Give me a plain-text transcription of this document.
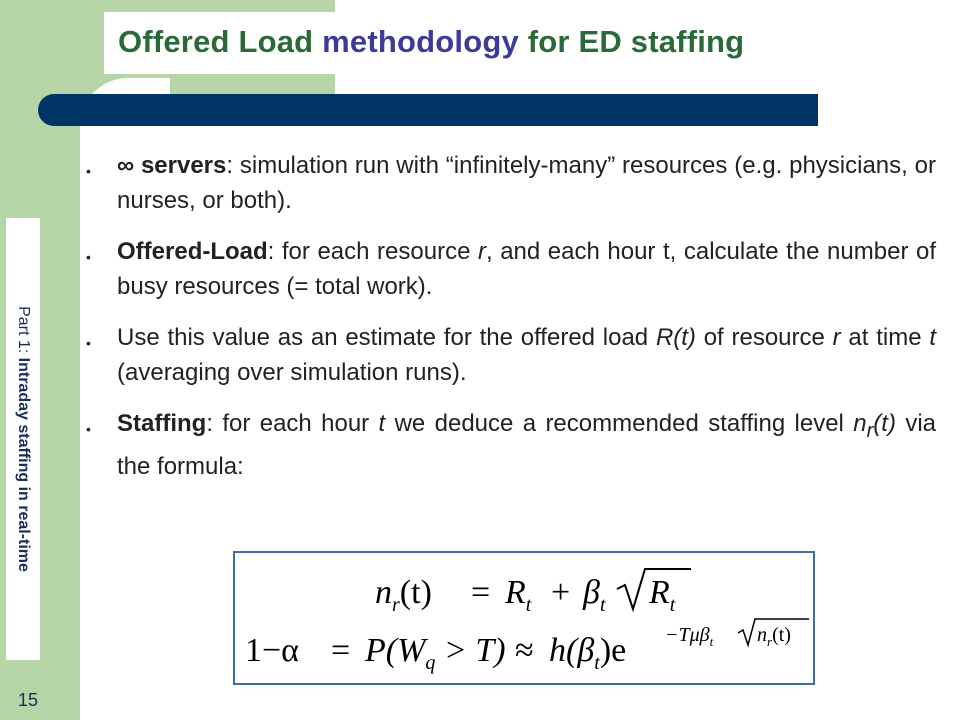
Offered Load methodology for ED staffing
Part 1: Intraday staffing in real-time
15
• ∞ servers: simulation run with “infinitely-many” resources (e.g. physicians, or nurses, or both).
• Offered-Load: for each resource r, and each hour t, calculate the number of busy resources (= total work).
• Use this value as an estimate for the offered load R(t) of resource r at time t (averaging over simulation runs).
• Staffing: for each hour t we deduce a recommended staffing level $n_r(t)$ via the formula:
$n_r(t) = R_t + \beta_t$ $R_t$
$1-\alpha = P(W_q > T) \approx h(\beta_t)e -T\mu\beta_t$ $n_r(t)$
